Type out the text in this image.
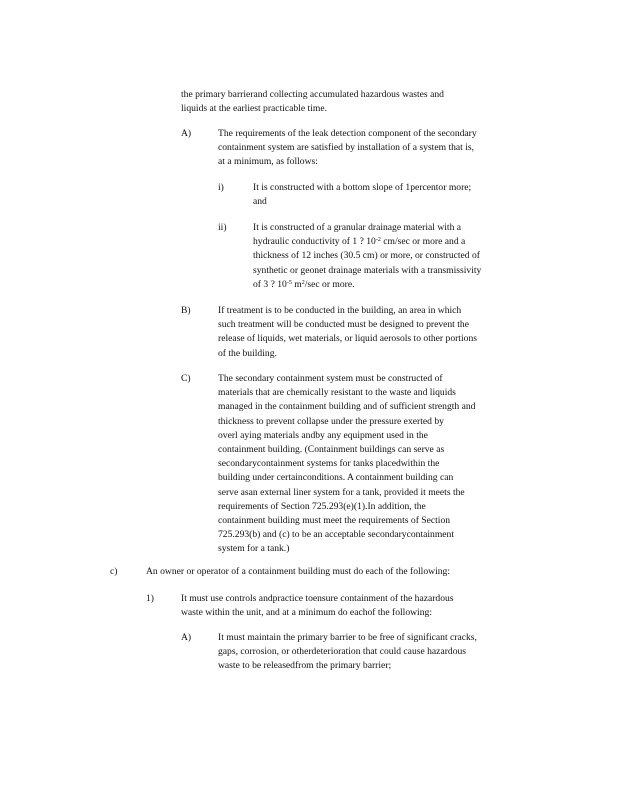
the primary barrierand collecting accumulated hazardous wastes and
liquids at the earliest practicable time.
A)	The requirements of the leak detection component of the secondary
containment system are satisfied by installation of a system that is,
at a minimum, as follows:
i)	It is constructed with a bottom slope of 1percentor more;
and
ii)	It is constructed of a granular drainage material with a
hydraulic conductivity of 1 ? $10^{-2}$ cm/sec or more and a
thickness of 12 inches (30.5 cm) or more, or constructed of
synthetic or geonet drainage materials with a transmissivity
of 3 ? $10^{-5}$ $m^2/\sec$ or more.
B)	If treatment is to be conducted in the building, an area in which
such treatment will be conducted must be designed to prevent the
release of liquids, wet materials, or liquid aerosols to other portions
of the building.
C)	The secondary containment system must be constructed of
materials that are chemically resistant to the waste and liquids
managed in the containment building and of sufficient strength and
thickness to prevent collapse under the pressure exerted by
overl aying materials andby any equipment used in the
containment building. (Containment buildings can serve as
secondarycontainment systems for tanks placedwithin the
building under certainconditions. A containment building can
serve asan external liner system for a tank, provided it meets the
requirements of Section 725.293(e)(1).In addition, the
containment building must meet the requirements of Section
725.293(b) and (c) to be an acceptable secondarycontainment
system for a tank.)
c)	An owner or operator of a containment building must do each of the following:
1)	It must use controls andpractice toensure containment of the hazardous
waste within the unit, and at a minimum do eachof the following:
A)	It must maintain the primary barrier to be free of significant cracks,
gaps, corrosion, or otherdeterioration that could cause hazardous
waste to be releasedfrom the primary barrier;
